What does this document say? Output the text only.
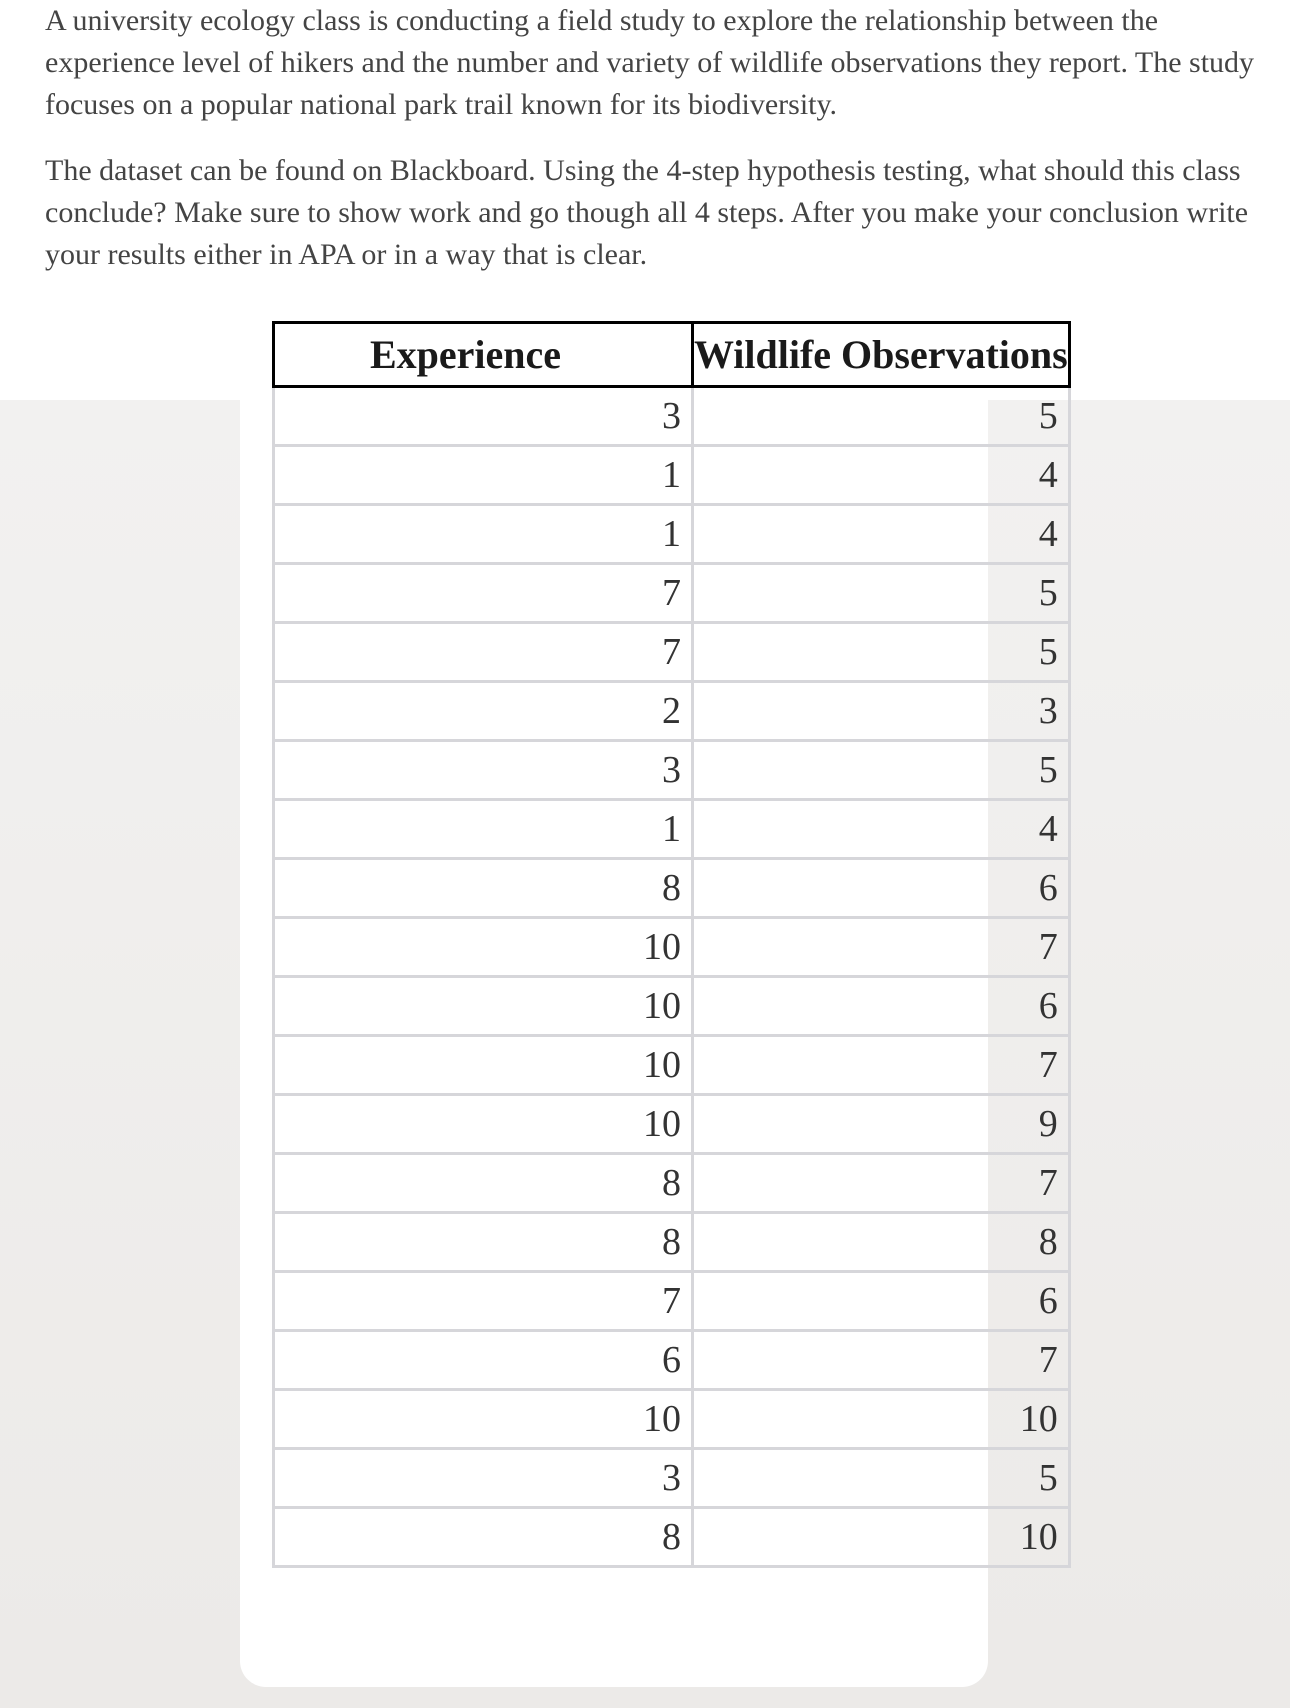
A university ecology class is conducting a field study to explore the relationship between the experience level of hikers and the number and variety of wildlife observations they report. The study focuses on a popular national park trail known for its biodiversity.

The dataset can be found on Blackboard. Using the 4-step hypothesis testing, what should this class conclude? Make sure to show work and go though all 4 steps. After you make your conclusion write your results either in APA or in a way that is clear.

Experience	Wildlife Observations
3	5
1	4
1	4
7	5
7	5
2	3
3	5
1	4
8	6
10	7
10	6
10	7
10	9
8	7
8	8
7	6
6	7
10	10
3	5
8	10
